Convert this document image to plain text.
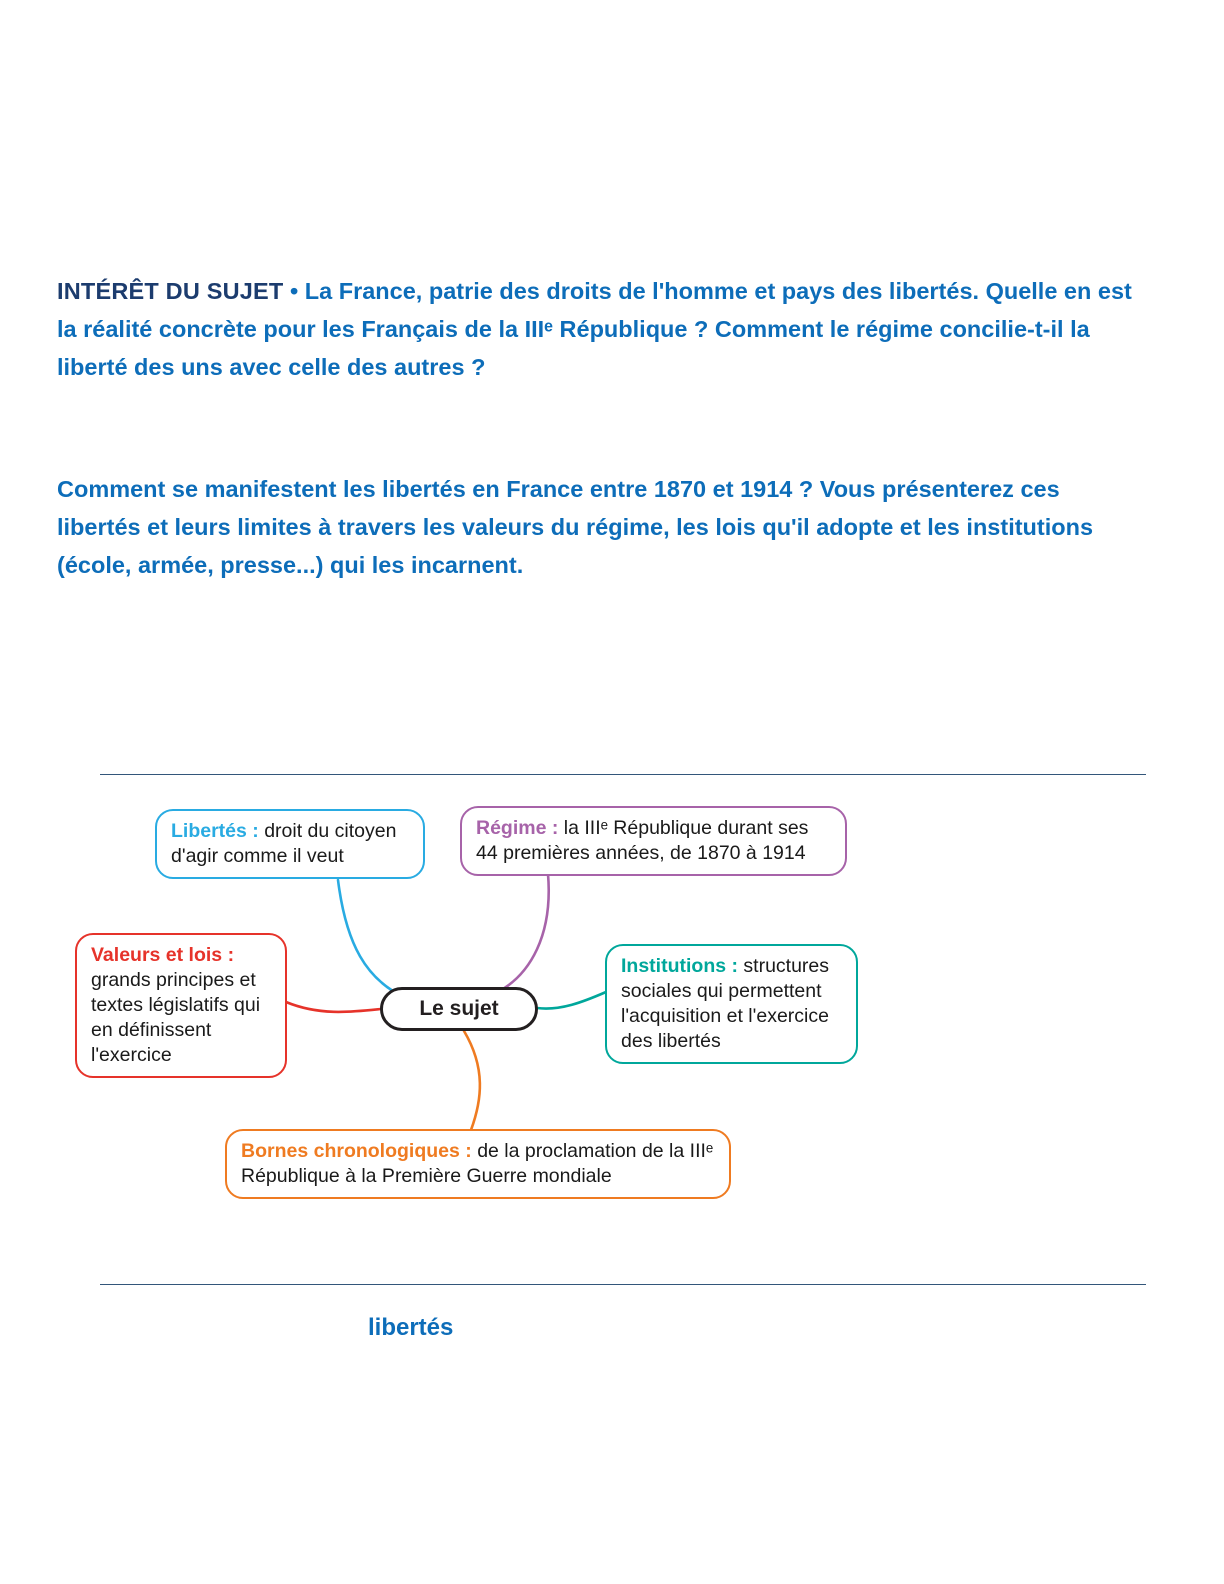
INTÉRÊT DU SUJET • La France, patrie des droits de l'homme et pays des libertés. Quelle en est la réalité concrète pour les Français de la IIIᵉ République ? Comment le régime concilie-t-il la liberté des uns avec celle des autres ?

Comment se manifestent les libertés en France entre 1870 et 1914 ? Vous présenterez ces libertés et leurs limites à travers les valeurs du régime, les lois qu'il adopte et les institutions (école, armée, presse...) qui les incarnent.

Libertés : droit du citoyen d'agir comme il veut
Régime : la IIIᵉ République durant ses 44 premières années, de 1870 à 1914
Valeurs et lois : grands principes et textes législatifs qui en définissent l'exercice
Institutions : structures sociales qui permettent l'acquisition et l'exercice des libertés
Bornes chronologiques : de la proclamation de la IIIᵉ République à la Première Guerre mondiale
Le sujet
libertés
